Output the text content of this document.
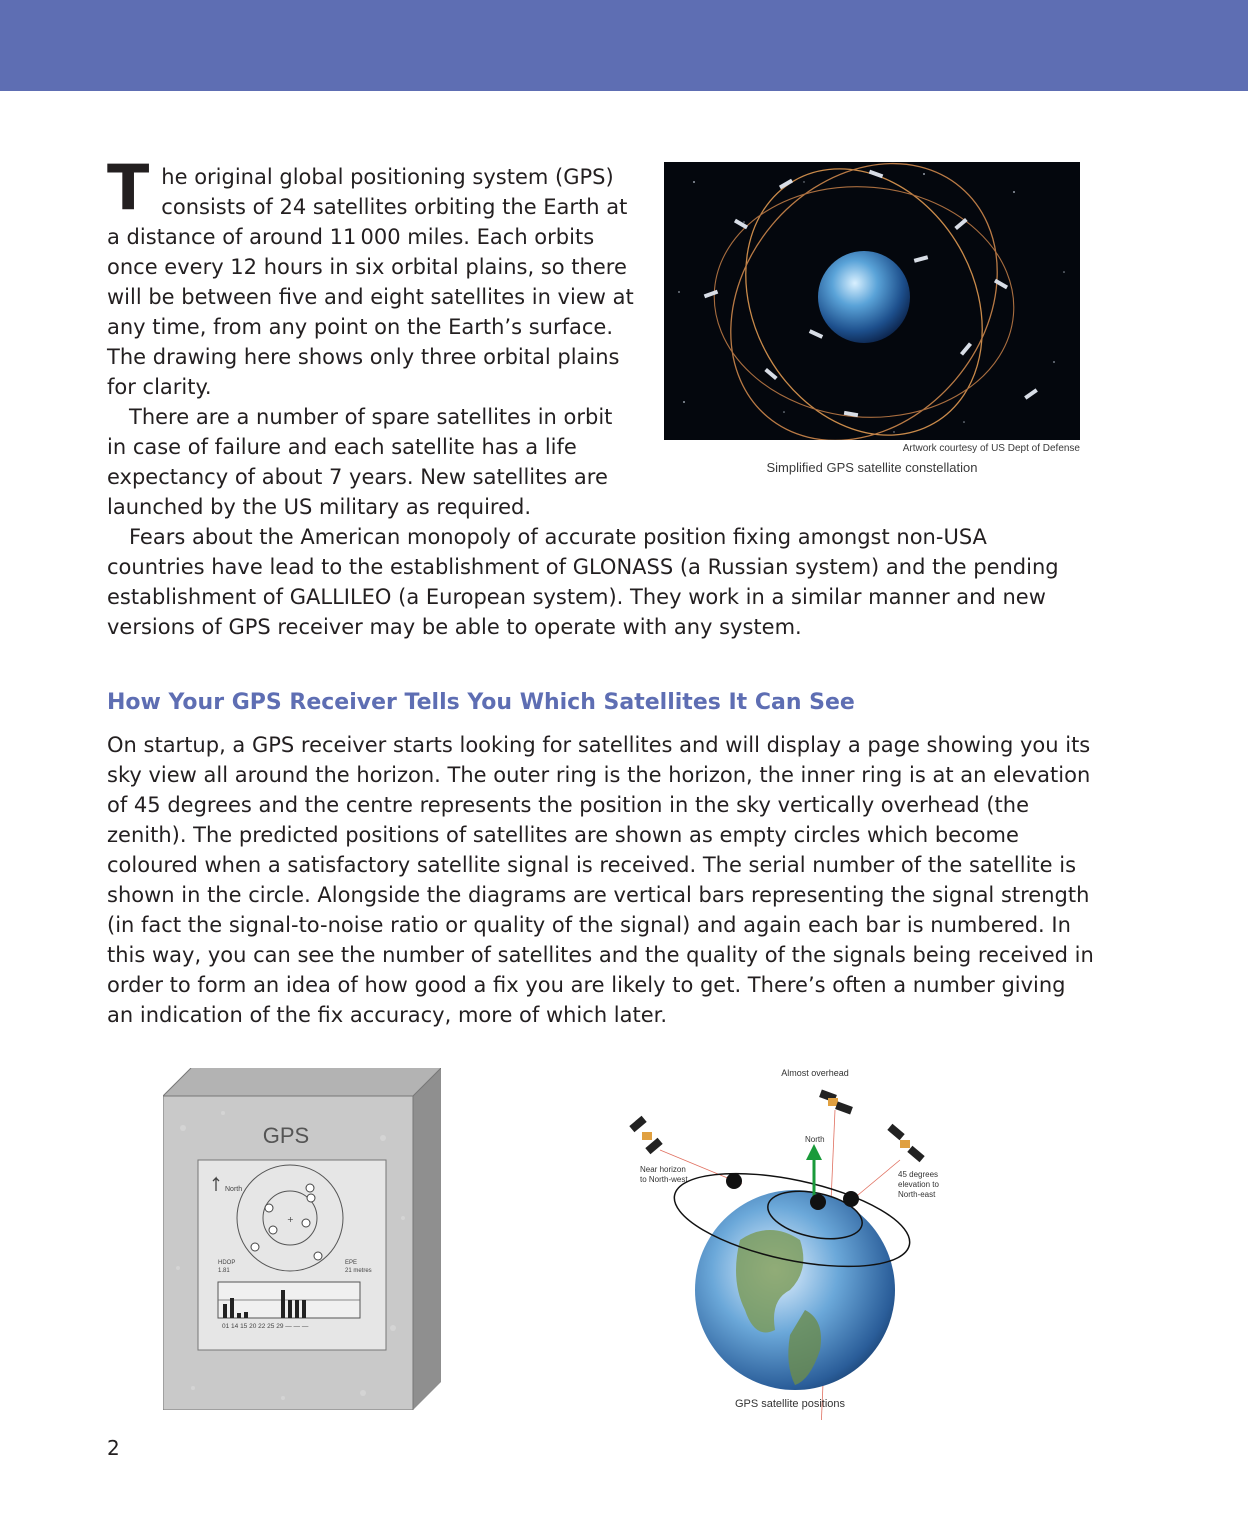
Artwork courtesy of US Dept of Defense
Simplified GPS satellite constellation

The original global positioning system (GPS) consists of 24 satellites orbiting the Earth at a distance of around 11 000 miles. Each orbits once every 12 hours in six orbital plains, so there will be between five and eight satellites in view at any time, from any point on the Earth’s surface. The drawing here shows only three orbital plains for clarity.

There are a number of spare satellites in orbit in case of failure and each satellite has a life expectancy of about 7 years. New satellites are launched by the US military as required.

Fears about the American monopoly of accurate position fixing amongst non-USA countries have lead to the establishment of GLONASS (a Russian system) and the pending establishment of GALLILEO (a European system). They work in a similar manner and new versions of GPS receiver may be able to operate with any system.

How Your GPS Receiver Tells You Which Satellites It Can See

On startup, a GPS receiver starts looking for satellites and will display a page showing you its sky view all around the horizon. The outer ring is the horizon, the inner ring is at an elevation of 45 degrees and the centre represents the position in the sky vertically overhead (the zenith). The predicted positions of satellites are shown as empty circles which become coloured when a satisfactory satellite signal is received. The serial number of the satellite is shown in the circle. Alongside the diagrams are vertical bars representing the signal strength (in fact the signal-to-noise ratio or quality of the signal) and again each bar is numbered. In this way, you can see the number of satellites and the quality of the signals being received in order to form an idea of how good a fix you are likely to get. There’s often a number giving an indication of the fix accuracy, more of which later.

GPS
North
+
HDOP
1.81
EPE
21 metres
01 14 15 20 22 25 29 — — —
Almost overhead
North
Near horizon
to North-west
45 degrees
elevation to
North-east
GPS satellite positions

2
